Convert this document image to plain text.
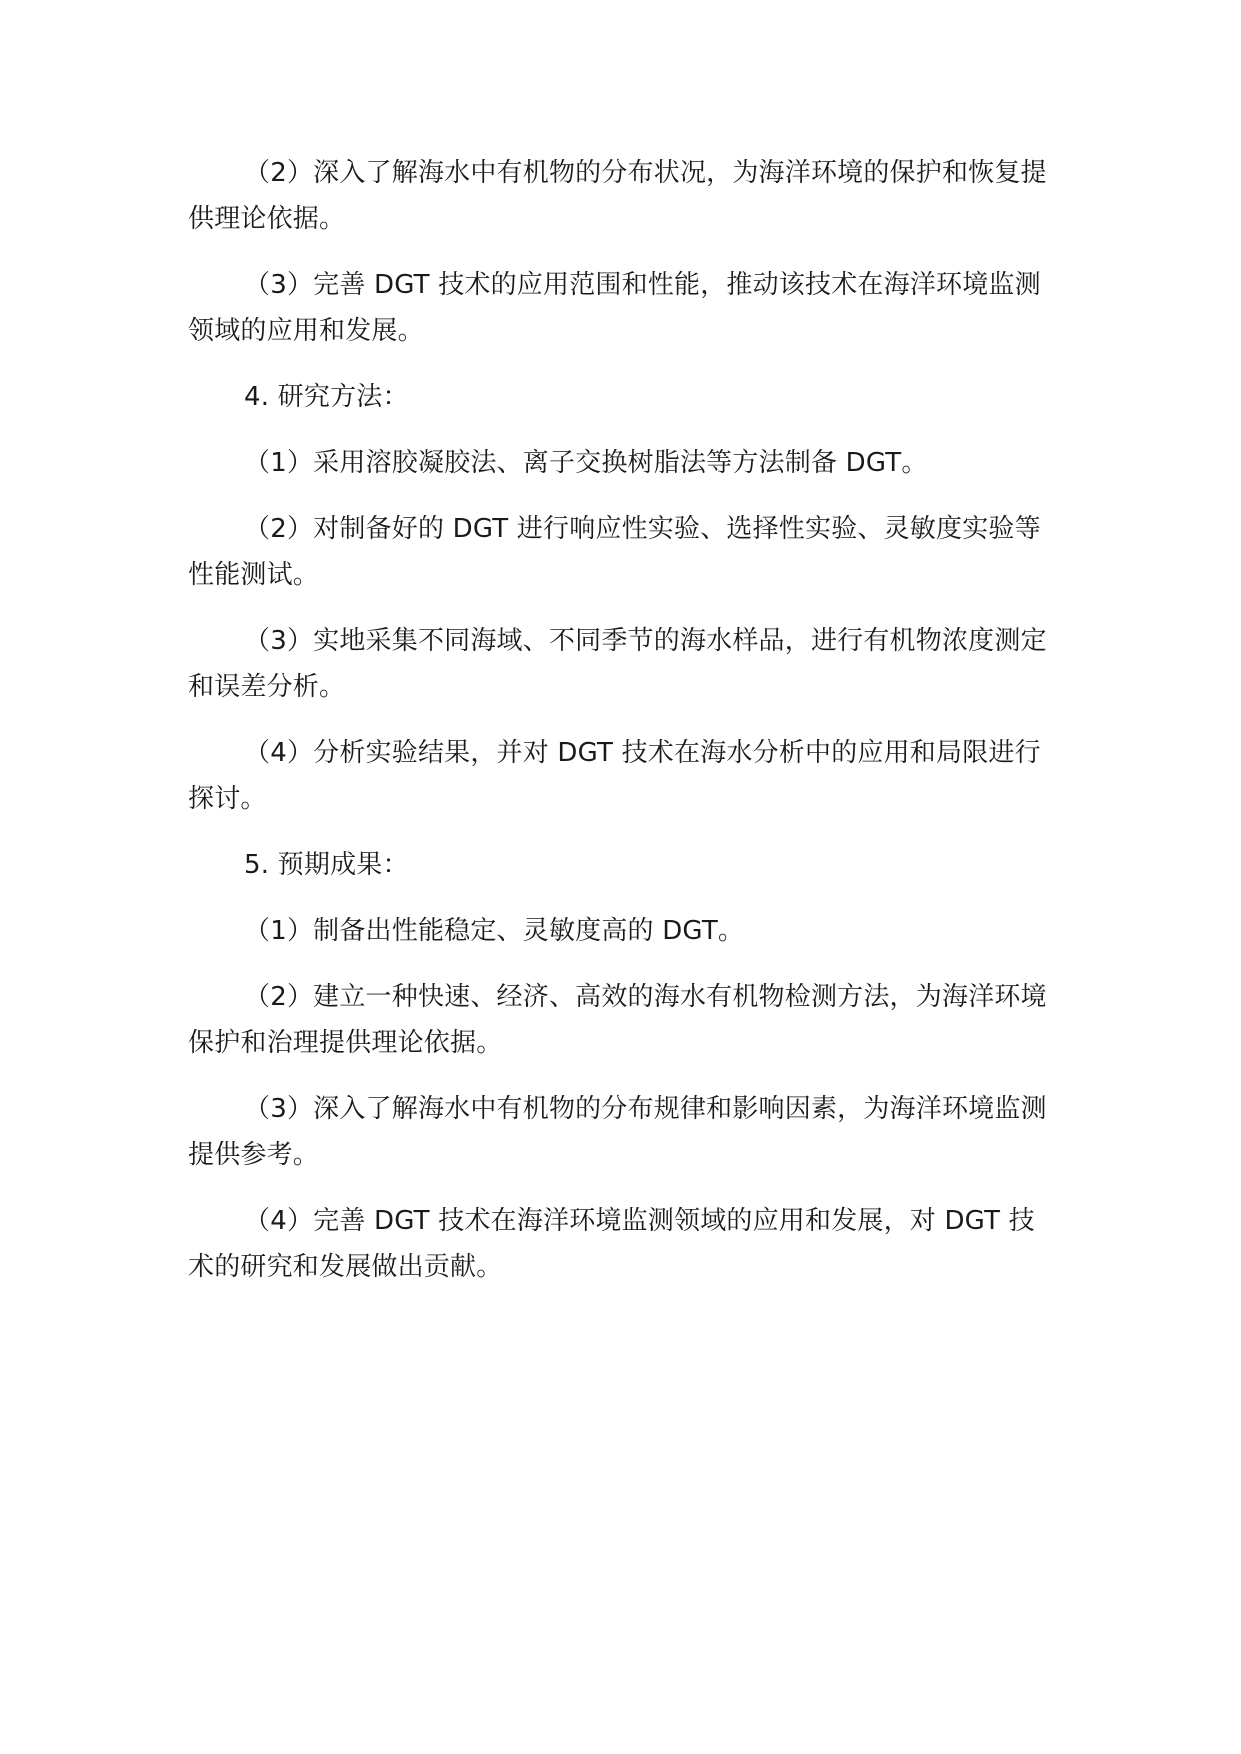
（2）深入了解海水中有机物的分布状况，为海洋环境的保护和恢复提供理论依据。

（3）完善 DGT 技术的应用范围和性能，推动该技术在海洋环境监测领域的应用和发展。

4. 研究方法：

（1）采用溶胶凝胶法、离子交换树脂法等方法制备 DGT。

（2）对制备好的 DGT 进行响应性实验、选择性实验、灵敏度实验等性能测试。

（3）实地采集不同海域、不同季节的海水样品，进行有机物浓度测定和误差分析。

（4）分析实验结果，并对 DGT 技术在海水分析中的应用和局限进行探讨。

5. 预期成果：

（1）制备出性能稳定、灵敏度高的 DGT。

（2）建立一种快速、经济、高效的海水有机物检测方法，为海洋环境保护和治理提供理论依据。

（3）深入了解海水中有机物的分布规律和影响因素，为海洋环境监测提供参考。

（4）完善 DGT 技术在海洋环境监测领域的应用和发展，对 DGT 技术的研究和发展做出贡献。
